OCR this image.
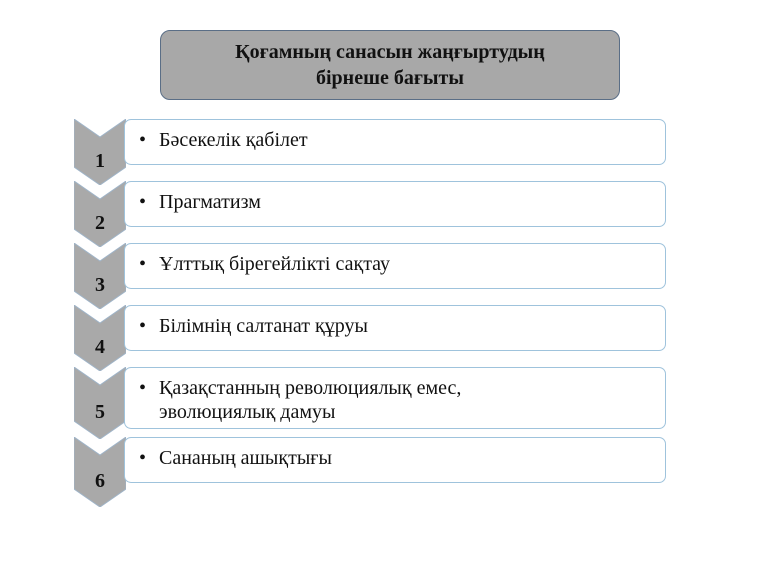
Қоғамның санасын жаңғыртудың
бірнеше бағыты
• Бәсекелік қабілет
1
• Прагматизм
2
• Ұлттық бірегейлікті сақтау
3
• Білімнің салтанат құруы
4
• Қазақстанның революциялық емес,
эволюциялық дамуы
5
• Сананың ашықтығы
6
